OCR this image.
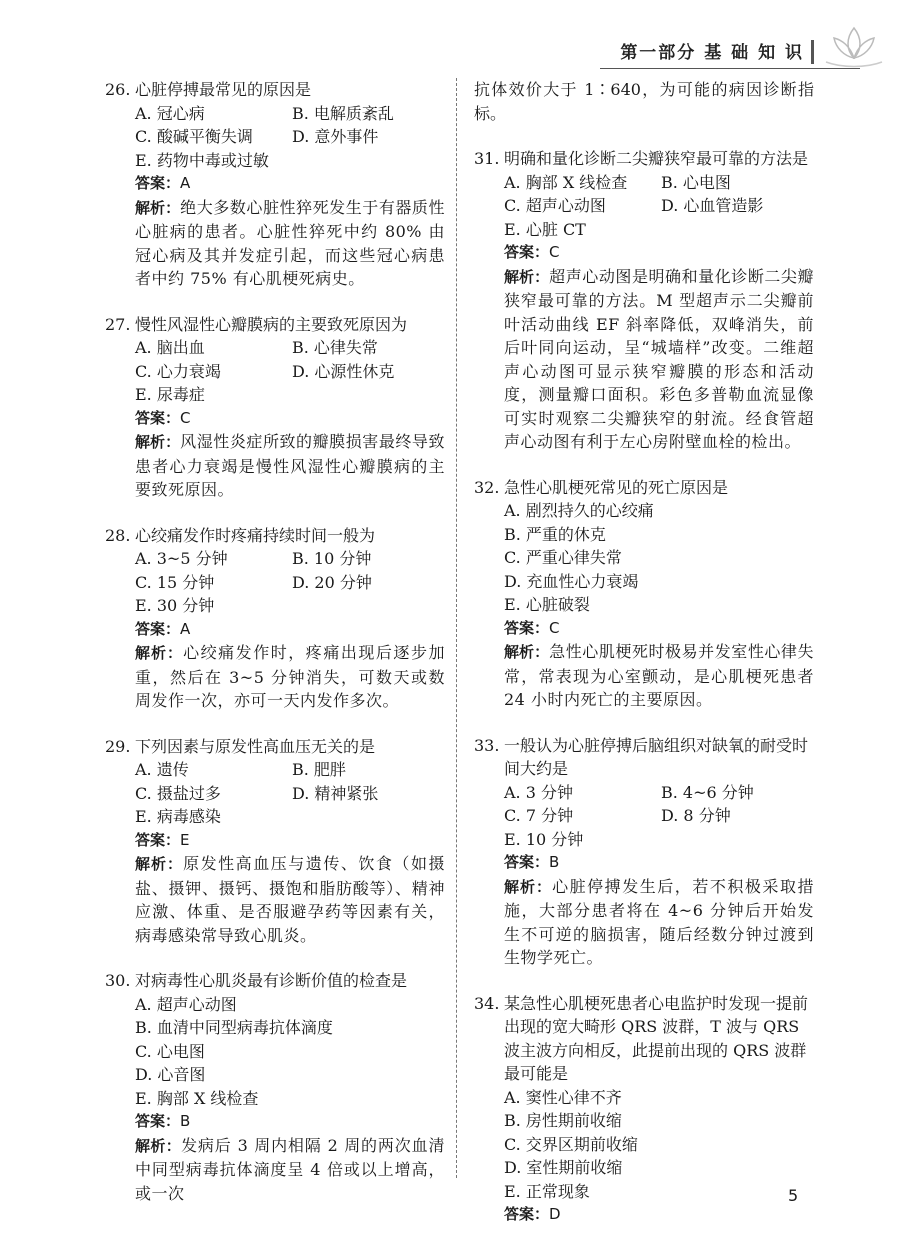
第一部分 基 础 知 识
26. 心脏停搏最常见的原因是
A. 冠心病	B. 电解质紊乱
C. 酸碱平衡失调	D. 意外事件
E. 药物中毒或过敏
答案：A
解析：绝大多数心脏性猝死发生于有器质性心脏病的患者。心脏性猝死中约 80% 由冠心病及其并发症引起，而这些冠心病患者中约 75% 有心肌梗死病史。
27. 慢性风湿性心瓣膜病的主要致死原因为
A. 脑出血	B. 心律失常
C. 心力衰竭	D. 心源性休克
E. 尿毒症
答案：C
解析：风湿性炎症所致的瓣膜损害最终导致患者心力衰竭是慢性风湿性心瓣膜病的主要致死原因。
28. 心绞痛发作时疼痛持续时间一般为
A. 3~5 分钟	B. 10 分钟
C. 15 分钟	D. 20 分钟
E. 30 分钟
答案：A
解析：心绞痛发作时，疼痛出现后逐步加重，然后在 3~5 分钟消失，可数天或数周发作一次，亦可一天内发作多次。
29. 下列因素与原发性高血压无关的是
A. 遗传	B. 肥胖
C. 摄盐过多	D. 精神紧张
E. 病毒感染
答案：E
解析：原发性高血压与遗传、饮食（如摄盐、摄钾、摄钙、摄饱和脂肪酸等）、精神应激、体重、是否服避孕药等因素有关，病毒感染常导致心肌炎。
30. 对病毒性心肌炎最有诊断价值的检查是
A. 超声心动图
B. 血清中同型病毒抗体滴度
C. 心电图
D. 心音图
E. 胸部 X 线检查
答案：B
解析：发病后 3 周内相隔 2 周的两次血清中同型病毒抗体滴度呈 4 倍或以上增高，或一次
抗体效价大于 1∶640，为可能的病因诊断指标。
31. 明确和量化诊断二尖瓣狭窄最可靠的方法是
A. 胸部 X 线检查	B. 心电图
C. 超声心动图	D. 心血管造影
E. 心脏 CT
答案：C
解析：超声心动图是明确和量化诊断二尖瓣狭窄最可靠的方法。M 型超声示二尖瓣前叶活动曲线 EF 斜率降低，双峰消失，前后叶同向运动，呈“城墙样”改变。二维超声心动图可显示狭窄瓣膜的形态和活动度，测量瓣口面积。彩色多普勒血流显像可实时观察二尖瓣狭窄的射流。经食管超声心动图有利于左心房附壁血栓的检出。
32. 急性心肌梗死常见的死亡原因是
A. 剧烈持久的心绞痛
B. 严重的休克
C. 严重心律失常
D. 充血性心力衰竭
E. 心脏破裂
答案：C
解析：急性心肌梗死时极易并发室性心律失常，常表现为心室颤动，是心肌梗死患者 24 小时内死亡的主要原因。
33. 一般认为心脏停搏后脑组织对缺氧的耐受时间大约是
A. 3 分钟	B. 4~6 分钟
C. 7 分钟	D. 8 分钟
E. 10 分钟
答案：B
解析：心脏停搏发生后，若不积极采取措施，大部分患者将在 4~6 分钟后开始发生不可逆的脑损害，随后经数分钟过渡到生物学死亡。
34. 某急性心肌梗死患者心电监护时发现一提前出现的宽大畸形 QRS 波群，T 波与 QRS 波主波方向相反，此提前出现的 QRS 波群最可能是
A. 窦性心律不齐
B. 房性期前收缩
C. 交界区期前收缩
D. 室性期前收缩
E. 正常现象
答案：D
5
